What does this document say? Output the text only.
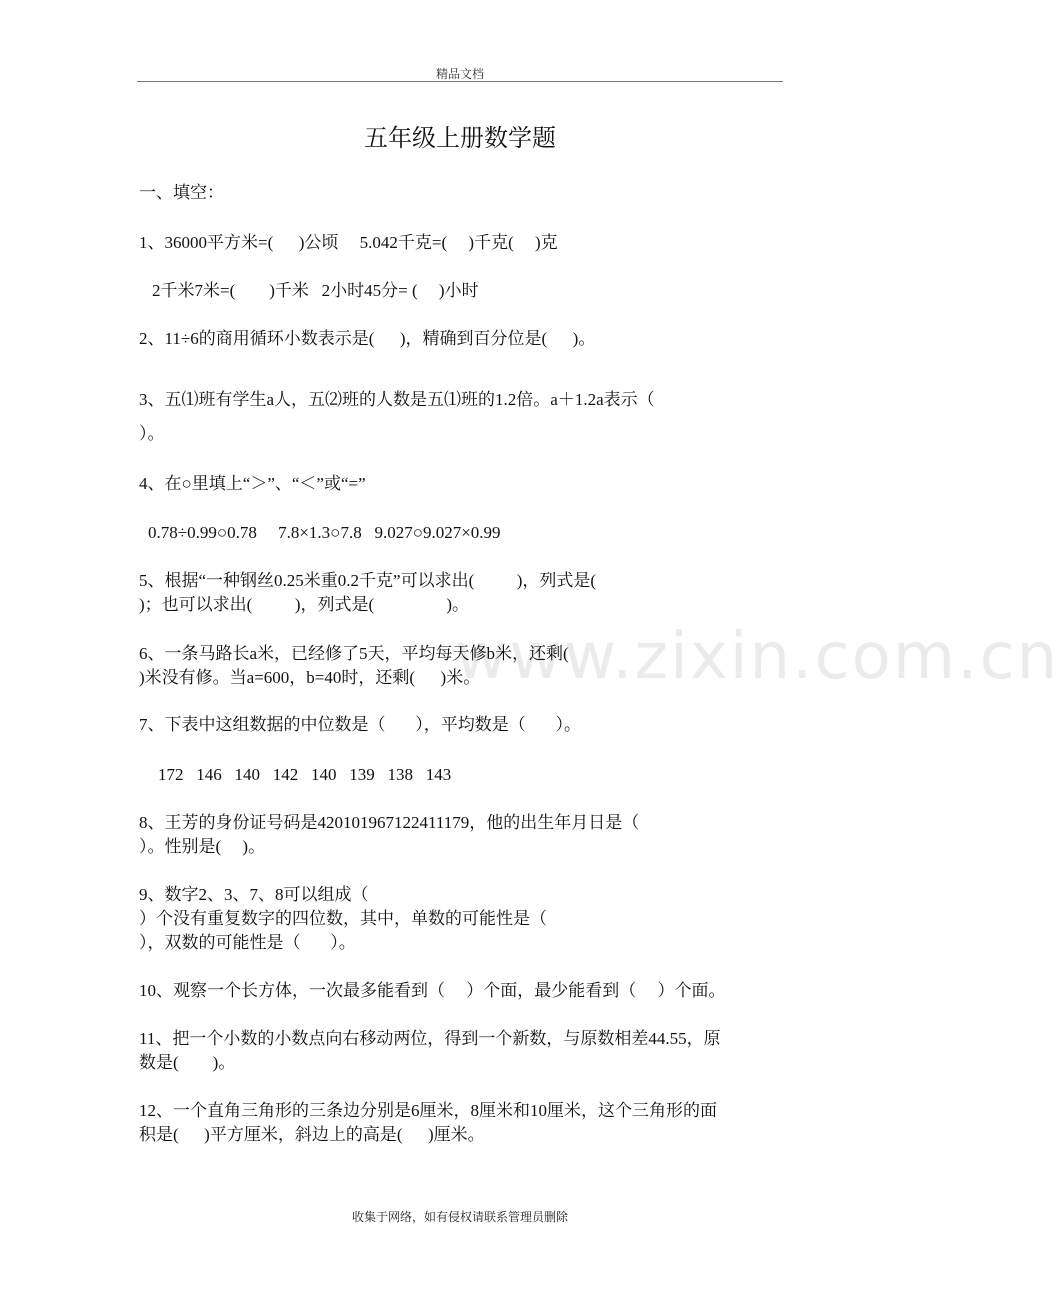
精品文档
五年级上册数学题
一、填空：
1、36000平方米=(      )公顷     5.042千克=(     )千克(     )克
2千米7米=(        )千米   2小时45分= (     )小时
2、11÷6的商用循环小数表示是(      )，精确到百分位是(      )。
3、五⑴班有学生a人，五⑵班的人数是五⑴班的1.2倍。a＋1.2a表示（
）。
4、在○里填上“＞”、“＜”或“=”
0.78÷0.99○0.78     7.8×1.3○7.8   9.027○9.027×0.99
5、根据“一种钢丝0.25米重0.2千克”可以求出(          )，列式是(
)；也可以求出(          )，列式是(                 )。
6、一条马路长a米，已经修了5天，平均每天修b米，还剩(
)米没有修。当a=600，b=40时，还剩(      )米。
7、下表中这组数据的中位数是（       ），平均数是（       ）。
172   146   140   142   140   139   138   143
8、王芳的身份证号码是420101967122411179，他的出生年月日是（
）。性别是(     )。
9、数字2、3、7、8可以组成（
）个没有重复数字的四位数，其中，单数的可能性是（
），双数的可能性是（       ）。
10、观察一个长方体，一次最多能看到（     ）个面，最少能看到（     ）个面。
11、把一个小数的小数点向右移动两位，得到一个新数，与原数相差44.55，原
数是(        )。
12、一个直角三角形的三条边分别是6厘米，8厘米和10厘米，这个三角形的面
积是(      )平方厘米，斜边上的高是(      )厘米。
www.zixin.com.cn
收集于网络，如有侵权请联系管理员删除
